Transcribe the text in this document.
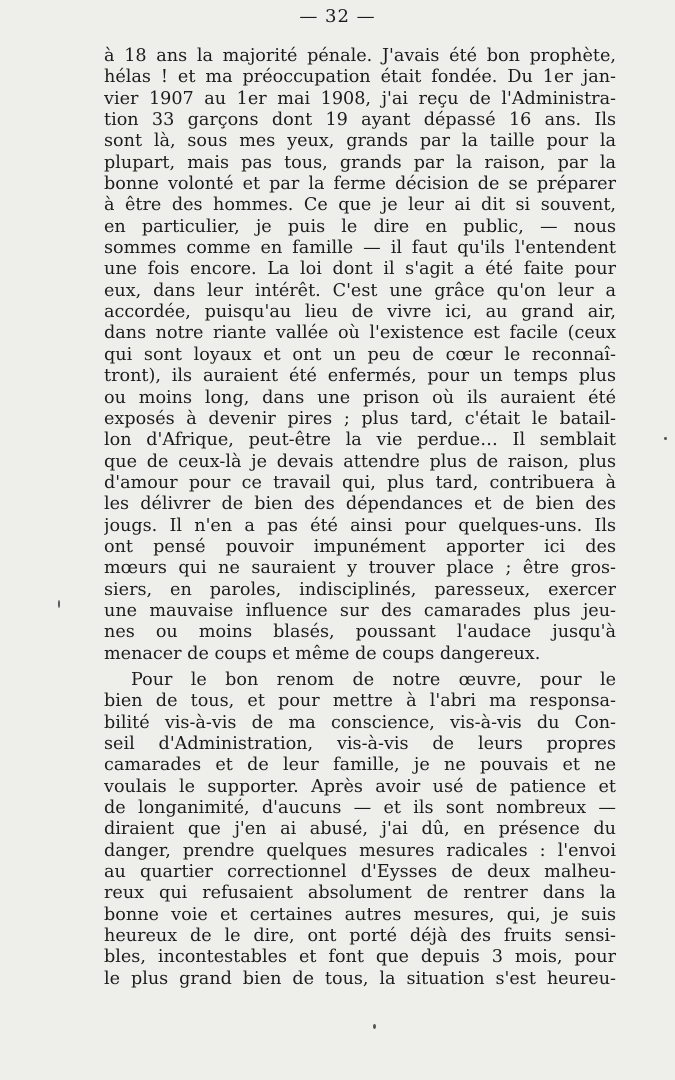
— 32 —
à 18 ans la majorité pénale. J'avais été bon prophète,
hélas ! et ma préoccupation était fondée. Du 1er jan-
vier 1907 au 1er mai 1908, j'ai reçu de l'Administra-
tion 33 garçons dont 19 ayant dépassé 16 ans. Ils
sont là, sous mes yeux, grands par la taille pour la
plupart, mais pas tous, grands par la raison, par la
bonne volonté et par la ferme décision de se préparer
à être des hommes. Ce que je leur ai dit si souvent,
en particulier, je puis le dire en public, — nous
sommes comme en famille — il faut qu'ils l'entendent
une fois encore. La loi dont il s'agit a été faite pour
eux, dans leur intérêt. C'est une grâce qu'on leur a
accordée, puisqu'au lieu de vivre ici, au grand air,
dans notre riante vallée où l'existence est facile (ceux
qui sont loyaux et ont un peu de cœur le reconnaî-
tront), ils auraient été enfermés, pour un temps plus
ou moins long, dans une prison où ils auraient été
exposés à devenir pires ; plus tard, c'était le batail-
lon d'Afrique, peut-être la vie perdue… Il semblait
que de ceux-là je devais attendre plus de raison, plus
d'amour pour ce travail qui, plus tard, contribuera à
les délivrer de bien des dépendances et de bien des
jougs. Il n'en a pas été ainsi pour quelques-uns. Ils
ont pensé pouvoir impunément apporter ici des
mœurs qui ne sauraient y trouver place ; être gros-
siers, en paroles, indisciplinés, paresseux, exercer
une mauvaise influence sur des camarades plus jeu-
nes ou moins blasés, poussant l'audace jusqu'à
menacer de coups et même de coups dangereux.
Pour le bon renom de notre œuvre, pour le
bien de tous, et pour mettre à l'abri ma responsa-
bilité vis-à-vis de ma conscience, vis-à-vis du Con-
seil d'Administration, vis-à-vis de leurs propres
camarades et de leur famille, je ne pouvais et ne
voulais le supporter. Après avoir usé de patience et
de longanimité, d'aucuns — et ils sont nombreux —
diraient que j'en ai abusé, j'ai dû, en présence du
danger, prendre quelques mesures radicales : l'envoi
au quartier correctionnel d'Eysses de deux malheu-
reux qui refusaient absolument de rentrer dans la
bonne voie et certaines autres mesures, qui, je suis
heureux de le dire, ont porté déjà des fruits sensi-
bles, incontestables et font que depuis 3 mois, pour
le plus grand bien de tous, la situation s'est heureu-
